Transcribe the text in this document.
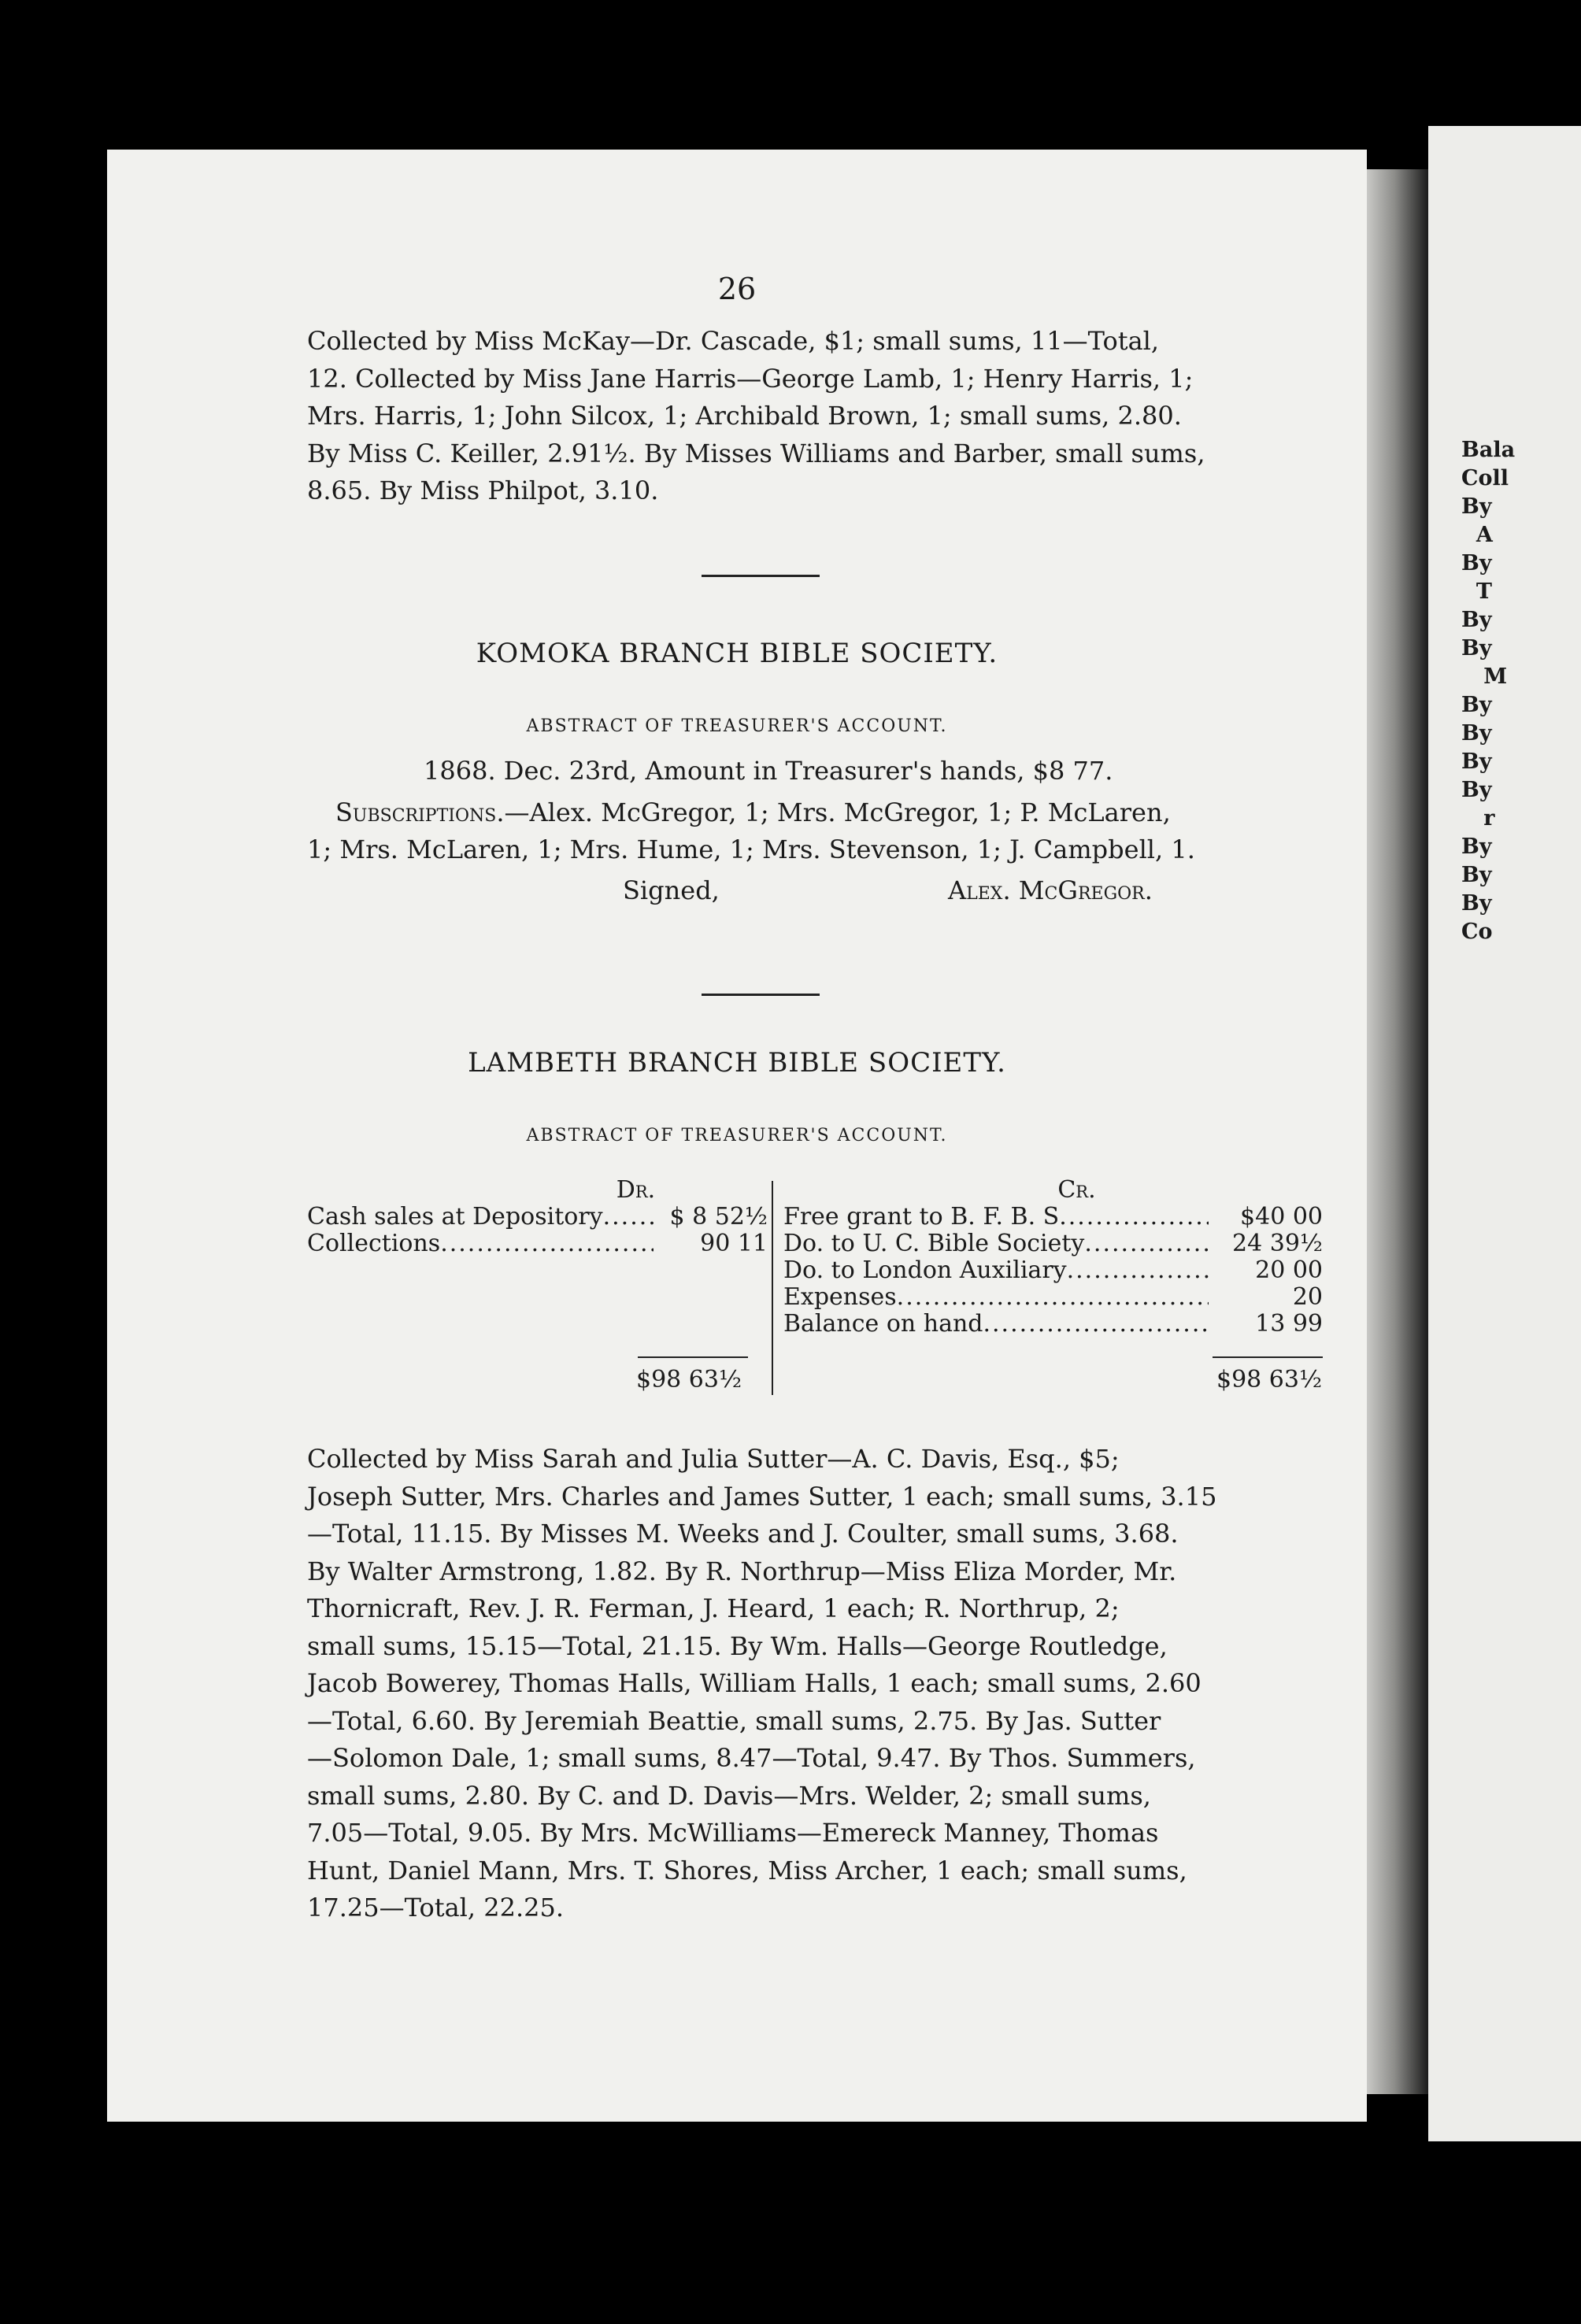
26
Collected by Miss McKay—Dr. Cascade, $1; small sums, 11—Total,
12. Collected by Miss Jane Harris—George Lamb, 1; Henry Harris, 1;
Mrs. Harris, 1; John Silcox, 1; Archibald Brown, 1; small sums, 2.80.
By Miss C. Keiller, 2.91½. By Misses Williams and Barber, small sums,
8.65. By Miss Philpot, 3.10.
KOMOKA BRANCH BIBLE SOCIETY.
ABSTRACT OF TREASURER'S ACCOUNT.
1868. Dec. 23rd, Amount in Treasurer's hands, $8 77.
Subscriptions.—Alex. McGregor, 1; Mrs. McGregor, 1; P. McLaren,
1; Mrs. McLaren, 1; Mrs. Hume, 1; Mrs. Stevenson, 1; J. Campbell, 1.
Signed,	Alex. McGregor.
LAMBETH BRANCH BIBLE SOCIETY.
ABSTRACT OF TREASURER'S ACCOUNT.
Dr.
Cash sales at Depository .....	$ 8 52½
Collections .....	90 11
Cr.
Free grant to B. F. B. S .....	$40 00
Do. to U. C. Bible Society .....	24 39½
Do. to London Auxiliary .....	20 00
Expenses .....	20
Balance on hand .....	13 99
$98 63½	$98 63½
Collected by Miss Sarah and Julia Sutter—A. C. Davis, Esq., $5;
Joseph Sutter, Mrs. Charles and James Sutter, 1 each; small sums, 3.15
—Total, 11.15. By Misses M. Weeks and J. Coulter, small sums, 3.68.
By Walter Armstrong, 1.82. By R. Northrup—Miss Eliza Morder, Mr.
Thornicraft, Rev. J. R. Ferman, J. Heard, 1 each; R. Northrup, 2;
small sums, 15.15—Total, 21.15. By Wm. Halls—George Routledge,
Jacob Bowerey, Thomas Halls, William Halls, 1 each; small sums, 2.60
—Total, 6.60. By Jeremiah Beattie, small sums, 2.75. By Jas. Sutter
—Solomon Dale, 1; small sums, 8.47—Total, 9.47. By Thos. Summers,
small sums, 2.80. By C. and D. Davis—Mrs. Welder, 2; small sums,
7.05—Total, 9.05. By Mrs. McWilliams—Emereck Manney, Thomas
Hunt, Daniel Mann, Mrs. T. Shores, Miss Archer, 1 each; small sums,
17.25—Total, 22.25.
Bala
Coll
By
A
By
T
By
By
M
By
By
By
By
r
By
By
By
Co
